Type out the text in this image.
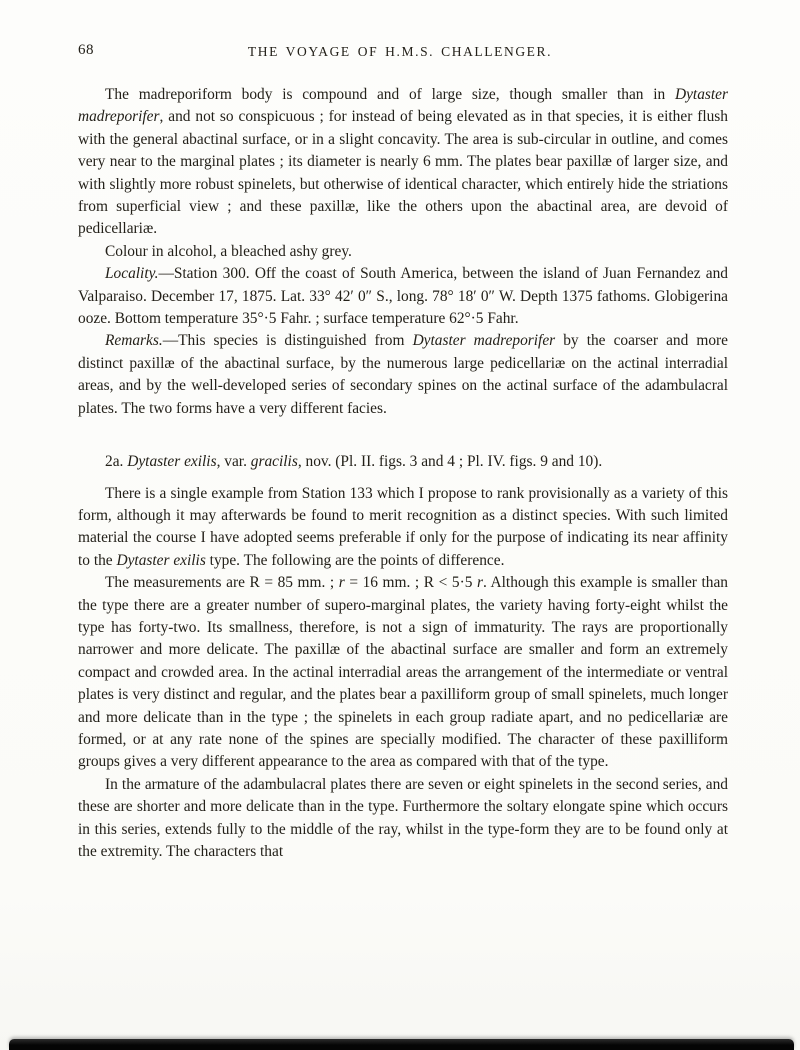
68	THE VOYAGE OF H.M.S. CHALLENGER.

The madreporiform body is compound and of large size, though smaller than in Dytaster madreporifer, and not so conspicuous ; for instead of being elevated as in that species, it is either flush with the general abactinal surface, or in a slight concavity. The area is sub-circular in outline, and comes very near to the marginal plates ; its diameter is nearly 6 mm. The plates bear paxillæ of larger size, and with slightly more robust spinelets, but otherwise of identical character, which entirely hide the striations from superficial view ; and these paxillæ, like the others upon the abactinal area, are devoid of pedicellariæ.

Colour in alcohol, a bleached ashy grey.

Locality.—Station 300. Off the coast of South America, between the island of Juan Fernandez and Valparaiso. December 17, 1875. Lat. 33° 42′ 0″ S., long. 78° 18′ 0″ W. Depth 1375 fathoms. Globigerina ooze. Bottom temperature 35°·5 Fahr. ; surface temperature 62°·5 Fahr.

Remarks.—This species is distinguished from Dytaster madreporifer by the coarser and more distinct paxillæ of the abactinal surface, by the numerous large pedicellariæ on the actinal interradial areas, and by the well-developed series of secondary spines on the actinal surface of the adambulacral plates. The two forms have a very different facies.

2a. Dytaster exilis, var. gracilis, nov. (Pl. II. figs. 3 and 4 ; Pl. IV. figs. 9 and 10).

There is a single example from Station 133 which I propose to rank provisionally as a variety of this form, although it may afterwards be found to merit recognition as a distinct species. With such limited material the course I have adopted seems preferable if only for the purpose of indicating its near affinity to the Dytaster exilis type. The following are the points of difference.

The measurements are R = 85 mm. ; r = 16 mm. ; R < 5·5 r. Although this example is smaller than the type there are a greater number of supero-marginal plates, the variety having forty-eight whilst the type has forty-two. Its smallness, therefore, is not a sign of immaturity. The rays are proportionally narrower and more delicate. The paxillæ of the abactinal surface are smaller and form an extremely compact and crowded area. In the actinal interradial areas the arrangement of the intermediate or ventral plates is very distinct and regular, and the plates bear a paxilliform group of small spinelets, much longer and more delicate than in the type ; the spinelets in each group radiate apart, and no pedicellariæ are formed, or at any rate none of the spines are specially modified. The character of these paxilliform groups gives a very different appearance to the area as compared with that of the type.

In the armature of the adambulacral plates there are seven or eight spinelets in the second series, and these are shorter and more delicate than in the type. Furthermore the soltary elongate spine which occurs in this series, extends fully to the middle of the ray, whilst in the type-form they are to be found only at the extremity. The characters that
